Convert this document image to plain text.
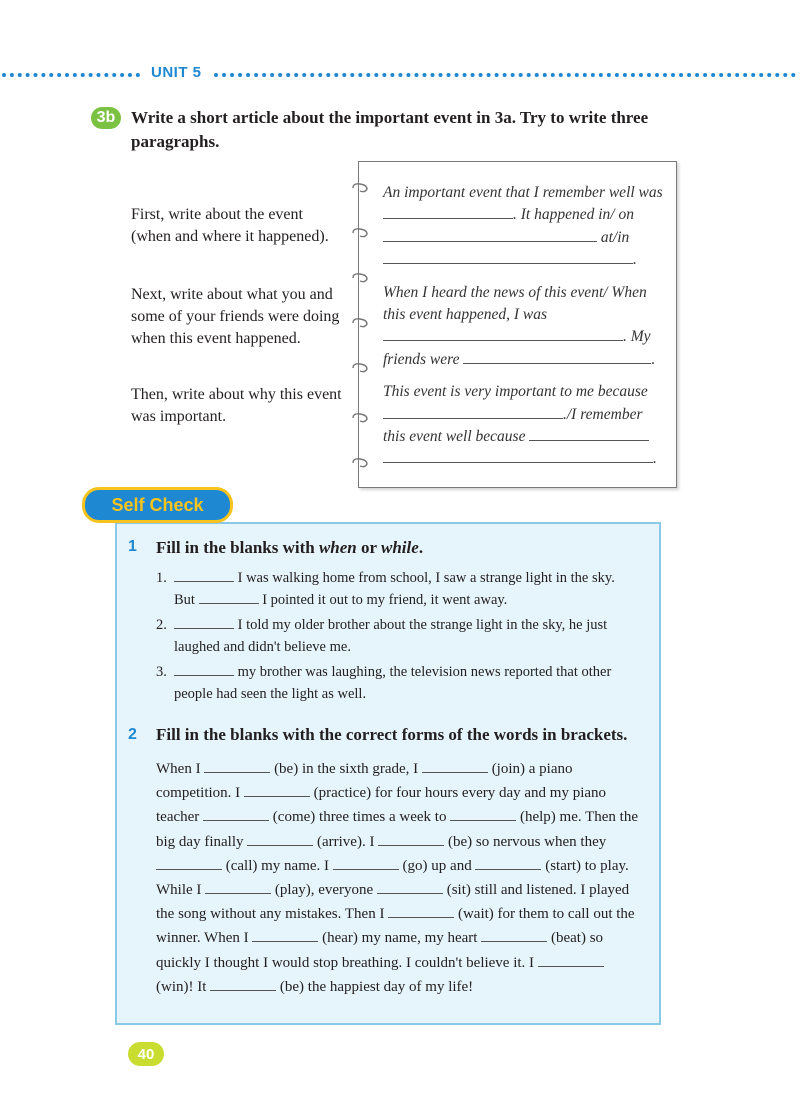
UNIT 5
3b Write a short article about the important event in 3a. Try to write three paragraphs.
First, write about the event (when and where it happened).
Next, write about what you and some of your friends were doing when this event happened.
Then, write about why this event was important.

An important event that I remember well was . It happened in/ on  at/in .

When I heard the news of this event/ When this event happened, I was . My friends were	.

This event is very important to me because ./I remember this event well because  .

Self Check
1 Fill in the blanks with when or while.
1.	I was walking home from school, I saw a strange light in the sky. But	I pointed it out to my friend, it went away.
2.	I told my older brother about the strange light in the sky, he just laughed and didn't believe me.
3.	my brother was laughing, the television news reported that other people had seen the light as well.
2 Fill in the blanks with the correct forms of the words in brackets.
When I	(be) in the sixth grade, I	(join) a piano competition. I	(practice) for four hours every day and my piano teacher	(come) three times a week to	(help) me. Then the big day finally	(arrive). I	(be) so nervous when they  (call) my name. I	(go) up and	(start) to play. While I	(play), everyone	(sit) still and listened. I played the song without any mistakes. Then I	(wait) for them to call out the winner. When I	(hear) my name, my heart	(beat) so quickly I thought I would stop breathing. I couldn't believe it. I  (win)! It	(be) the happiest day of my life!
40
